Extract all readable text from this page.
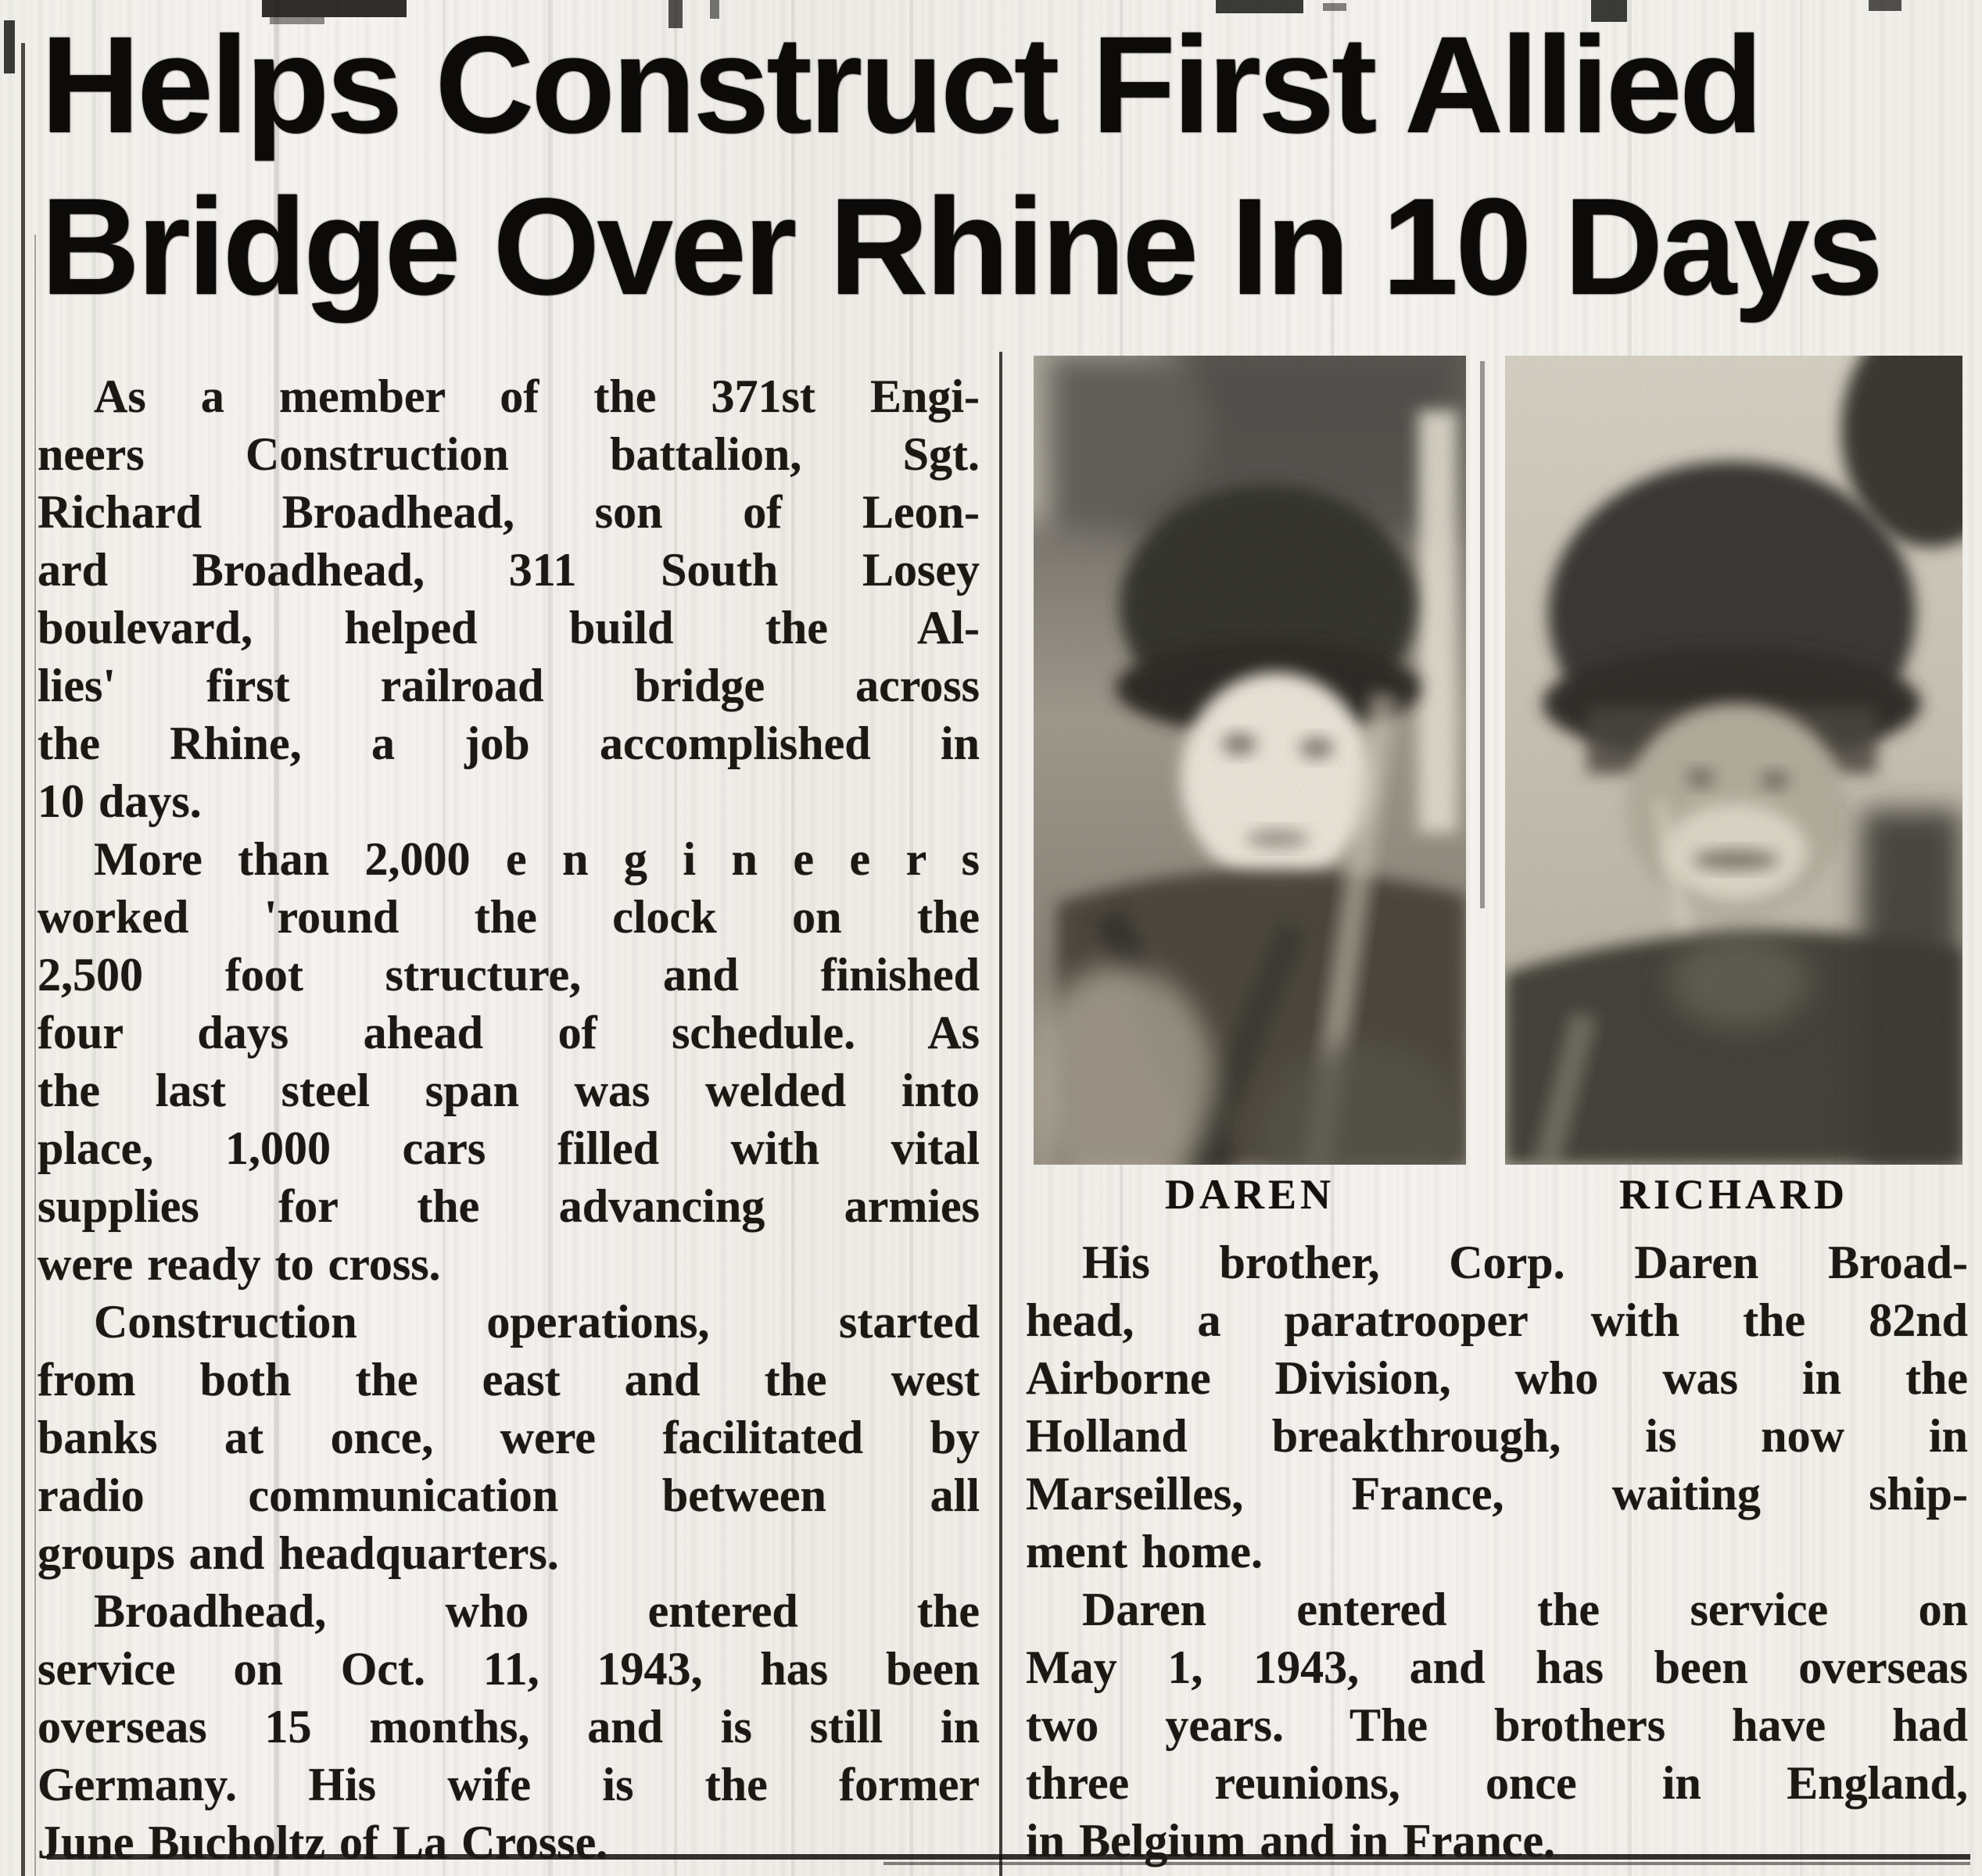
Helps Construct First Allied
Bridge Over Rhine In 10 Days
As a member of the 371st Engi-
neers Construction battalion, Sgt.
Richard Broadhead, son of Leon-
ard Broadhead, 311 South Losey
boulevard, helped build the Al-
lies' first railroad bridge across
the Rhine, a job accomplished in
10 days.
More than 2,000 e n g i n e e r s
worked 'round the clock on the
2,500 foot structure, and finished
four days ahead of schedule. As
the last steel span was welded into
place, 1,000 cars filled with vital
supplies for the advancing armies
were ready to cross.
Construction operations, started
from both the east and the west
banks at once, were facilitated by
radio communication between all
groups and headquarters.
Broadhead, who entered the
service on Oct. 11, 1943, has been
overseas 15 months, and is still in
Germany. His wife is the former
June Bucholtz of La Crosse.
DAREN	RICHARD
His brother, Corp. Daren Broad-
head, a paratrooper with the 82nd
Airborne Division, who was in the
Holland breakthrough, is now in
Marseilles, France, waiting ship-
ment home.
Daren entered the service on
May 1, 1943, and has been overseas
two years. The brothers have had
three reunions, once in England,
in Belgium and in France.
